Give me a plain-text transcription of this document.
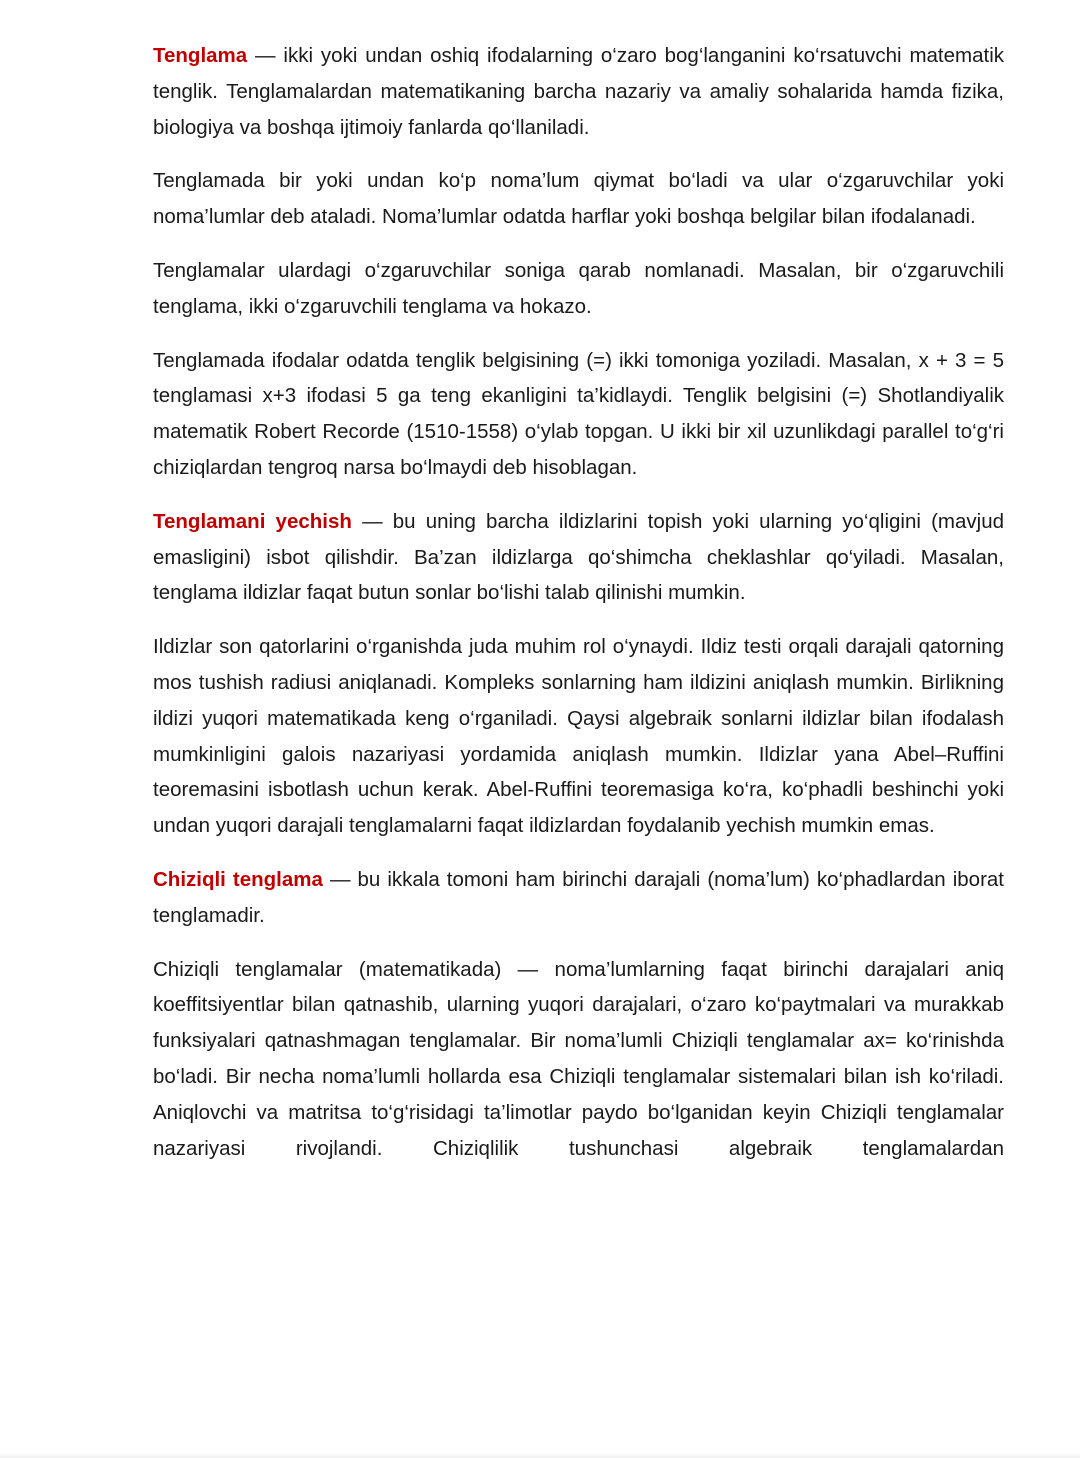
Tenglama — ikki yoki undan oshiq ifodalarning o‘zaro bog‘langanini ko‘rsatuvchi matematik tenglik. Tenglamalardan matematikaning barcha nazariy va amaliy sohalarida hamda fizika, biologiya va boshqa ijtimoiy fanlarda qo‘llaniladi.

Tenglamada bir yoki undan ko‘p noma’lum qiymat bo‘ladi va ular o‘zgaruvchilar yoki noma’lumlar deb ataladi. Noma’lumlar odatda harflar yoki boshqa belgilar bilan ifodalanadi.

Tenglamalar ulardagi o‘zgaruvchilar soniga qarab nomlanadi. Masalan, bir o‘zgaruvchili tenglama, ikki o‘zgaruvchili tenglama va hokazo.

Tenglamada ifodalar odatda tenglik belgisining (=) ikki tomoniga yoziladi. Masalan, x + 3 = 5 tenglamasi x+3 ifodasi 5 ga teng ekanligini ta’kidlaydi. Tenglik belgisini (=) Shotlandiyalik matematik Robert Recorde (1510-1558) o‘ylab topgan. U ikki bir xil uzunlikdagi parallel to‘g‘ri chiziqlardan tengroq narsa bo‘lmaydi deb hisoblagan.

Tenglamani yechish — bu uning barcha ildizlarini topish yoki ularning yo‘qligini (mavjud emasligini) isbot qilishdir. Ba’zan ildizlarga qo‘shimcha cheklashlar qo‘yiladi. Masalan, tenglama ildizlar faqat butun sonlar bo‘lishi talab qilinishi mumkin.

Ildizlar son qatorlarini o‘rganishda juda muhim rol o‘ynaydi. Ildiz testi orqali darajali qatorning mos tushish radiusi aniqlanadi. Kompleks sonlarning ham ildizini aniqlash mumkin. Birlikning ildizi yuqori matematikada keng o‘rganiladi. Qaysi algebraik sonlarni ildizlar bilan ifodalash mumkinligini galois nazariyasi yordamida aniqlash mumkin. Ildizlar yana Abel–Ruffini teoremasini isbotlash uchun kerak. Abel-Ruffini teoremasiga ko‘ra, ko‘phadli beshinchi yoki undan yuqori darajali tenglamalarni faqat ildizlardan foydalanib yechish mumkin emas.

Chiziqli tenglama — bu ikkala tomoni ham birinchi darajali (noma’lum) ko‘phadlardan iborat tenglamadir.

Chiziqli tenglamalar (matematikada) — noma’lumlarning faqat birinchi darajalari aniq koeffitsiyentlar bilan qatnashib, ularning yuqori darajalari, o‘zaro ko‘paytmalari va murakkab funksiyalari qatnashmagan tenglamalar. Bir noma’lumli Chiziqli tenglamalar ax= ko‘rinishda bo‘ladi. Bir necha noma’lumli hollarda esa Chiziqli tenglamalar sistemalari bilan ish ko‘riladi. Aniqlovchi va matritsa to‘g‘risidagi ta’limotlar paydo bo‘lganidan keyin Chiziqli tenglamalar nazariyasi rivojlandi. Chiziqlilik tushunchasi algebraik tenglamalardan
